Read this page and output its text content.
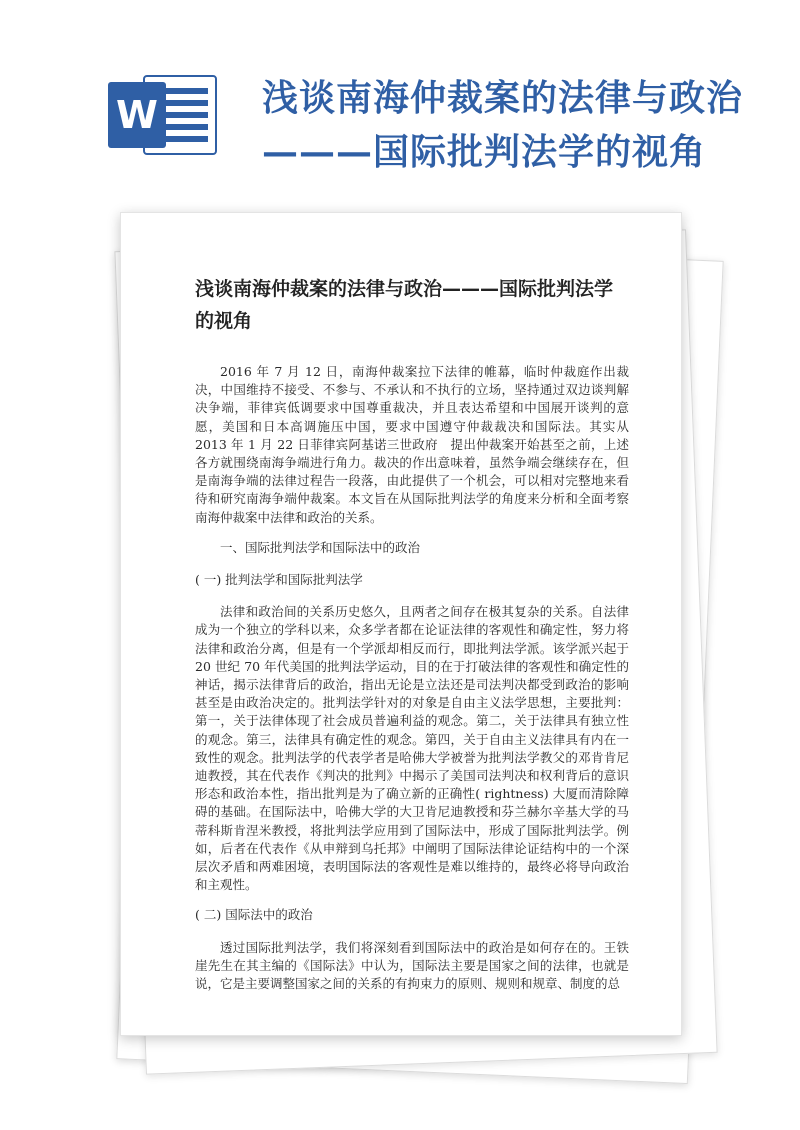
W	浅谈南海仲裁案的法律与政治
———国际批判法学的视角
浅谈南海仲裁案的法律与政治———国际批判法学的视角

2016 年 7 月 12 日，南海仲裁案拉下法律的帷幕，临时仲裁庭作出裁决，中国维持不接受、不参与、不承认和不执行的立场，坚持通过双边谈判解决争端，菲律宾低调要求中国尊重裁决，并且表达希望和中国展开谈判的意愿，美国和日本高调施压中国，要求中国遵守仲裁裁决和国际法。其实从 2013 年 1 月 22 日菲律宾阿基诺三世政府　提出仲裁案开始甚至之前，上述各方就围绕南海争端进行角力。裁决的作出意味着，虽然争端会继续存在，但是南海争端的法律过程告一段落，由此提供了一个机会，可以相对完整地来看待和研究南海争端仲裁案。本文旨在从国际批判法学的角度来分析和全面考察南海仲裁案中法律和政治的关系。

一、国际批判法学和国际法中的政治

( 一) 批判法学和国际批判法学

法律和政治间的关系历史悠久，且两者之间存在极其复杂的关系。自法律成为一个独立的学科以来，众多学者都在论证法律的客观性和确定性，努力将法律和政治分离，但是有一个学派却相反而行，即批判法学派。该学派兴起于 20 世纪 70 年代美国的批判法学运动，目的在于打破法律的客观性和确定性的神话，揭示法律背后的政治，指出无论是立法还是司法判决都受到政治的影响甚至是由政治决定的。批判法学针对的对象是自由主义法学思想，主要批判：第一，关于法律体现了社会成员普遍利益的观念。第二，关于法律具有独立性的观念。第三，法律具有确定性的观念。第四，关于自由主义法律具有内在一致性的观念。批判法学的代表学者是哈佛大学被誉为批判法学教父的邓肯肯尼迪教授，其在代表作《判决的批判》中揭示了美国司法判决和权利背后的意识形态和政治本性，指出批判是为了确立新的正确性( rightness) 大厦而清除障碍的基础。在国际法中，哈佛大学的大卫肯尼迪教授和芬兰赫尔辛基大学的马蒂科斯肯涅米教授，将批判法学应用到了国际法中，形成了国际批判法学。例如，后者在代表作《从申辩到乌托邦》中阐明了国际法律论证结构中的一个深层次矛盾和两难困境，表明国际法的客观性是难以维持的，最终必将导向政治和主观性。

( 二) 国际法中的政治

透过国际批判法学，我们将深刻看到国际法中的政治是如何存在的。王铁崖先生在其主编的《国际法》中认为，国际法主要是国家之间的法律，也就是说，它是主要调整国家之间的关系的有拘束力的原则、规则和规章、制度的总
